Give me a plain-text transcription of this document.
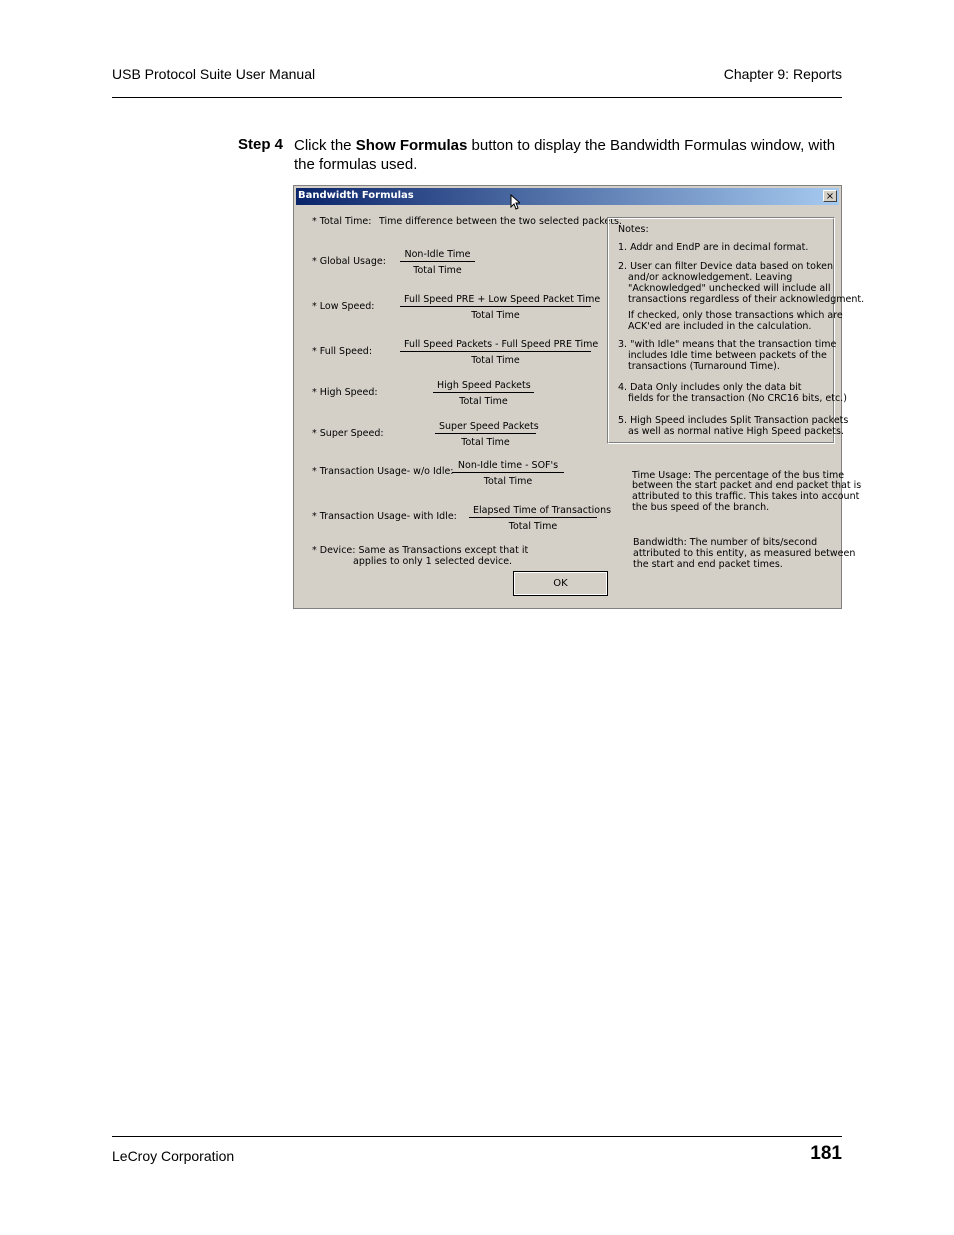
USB Protocol Suite User Manual	Chapter 9: Reports
Step 4 Click the Show Formulas button to display the Bandwidth Formulas window, with the formulas used.
Bandwidth Formulas	×
* Total Time: Time difference between the two selected packets.
* Global Usage:
Non-Idle Time
Total Time
* Low Speed:
Full Speed PRE + Low Speed Packet Time
Total Time
* Full Speed:
Full Speed Packets - Full Speed PRE Time
Total Time
* High Speed:
High Speed Packets
Total Time
* Super Speed:
Super Speed Packets
Total Time
* Transaction Usage- w/o Idle:
Non-Idle time - SOF's
Total Time
* Transaction Usage- with Idle:
Elapsed Time of Transactions
Total Time
* Device: Same as Transactions except that it
applies to only 1 selected device.
Notes:
1. Addr and EndP are in decimal format.
2. User can filter Device data based on token
and/or acknowledgement. Leaving
"Acknowledged" unchecked will include all
transactions regardless of their acknowledgment.
If checked, only those transactions which are
ACK'ed are included in the calculation.
3. "with Idle" means that the transaction time
includes Idle time between packets of the
transactions (Turnaround Time).
4. Data Only includes only the data bit
fields for the transaction (No CRC16 bits, etc.)
5. High Speed includes Split Transaction packets
as well as normal native High Speed packets.
Time Usage: The percentage of the bus time
between the start packet and end packet that is
attributed to this traffic. This takes into account
the bus speed of the branch.
Bandwidth: The number of bits/second
attributed to this entity, as measured between
the start and end packet times.
OK
LeCroy Corporation	181
